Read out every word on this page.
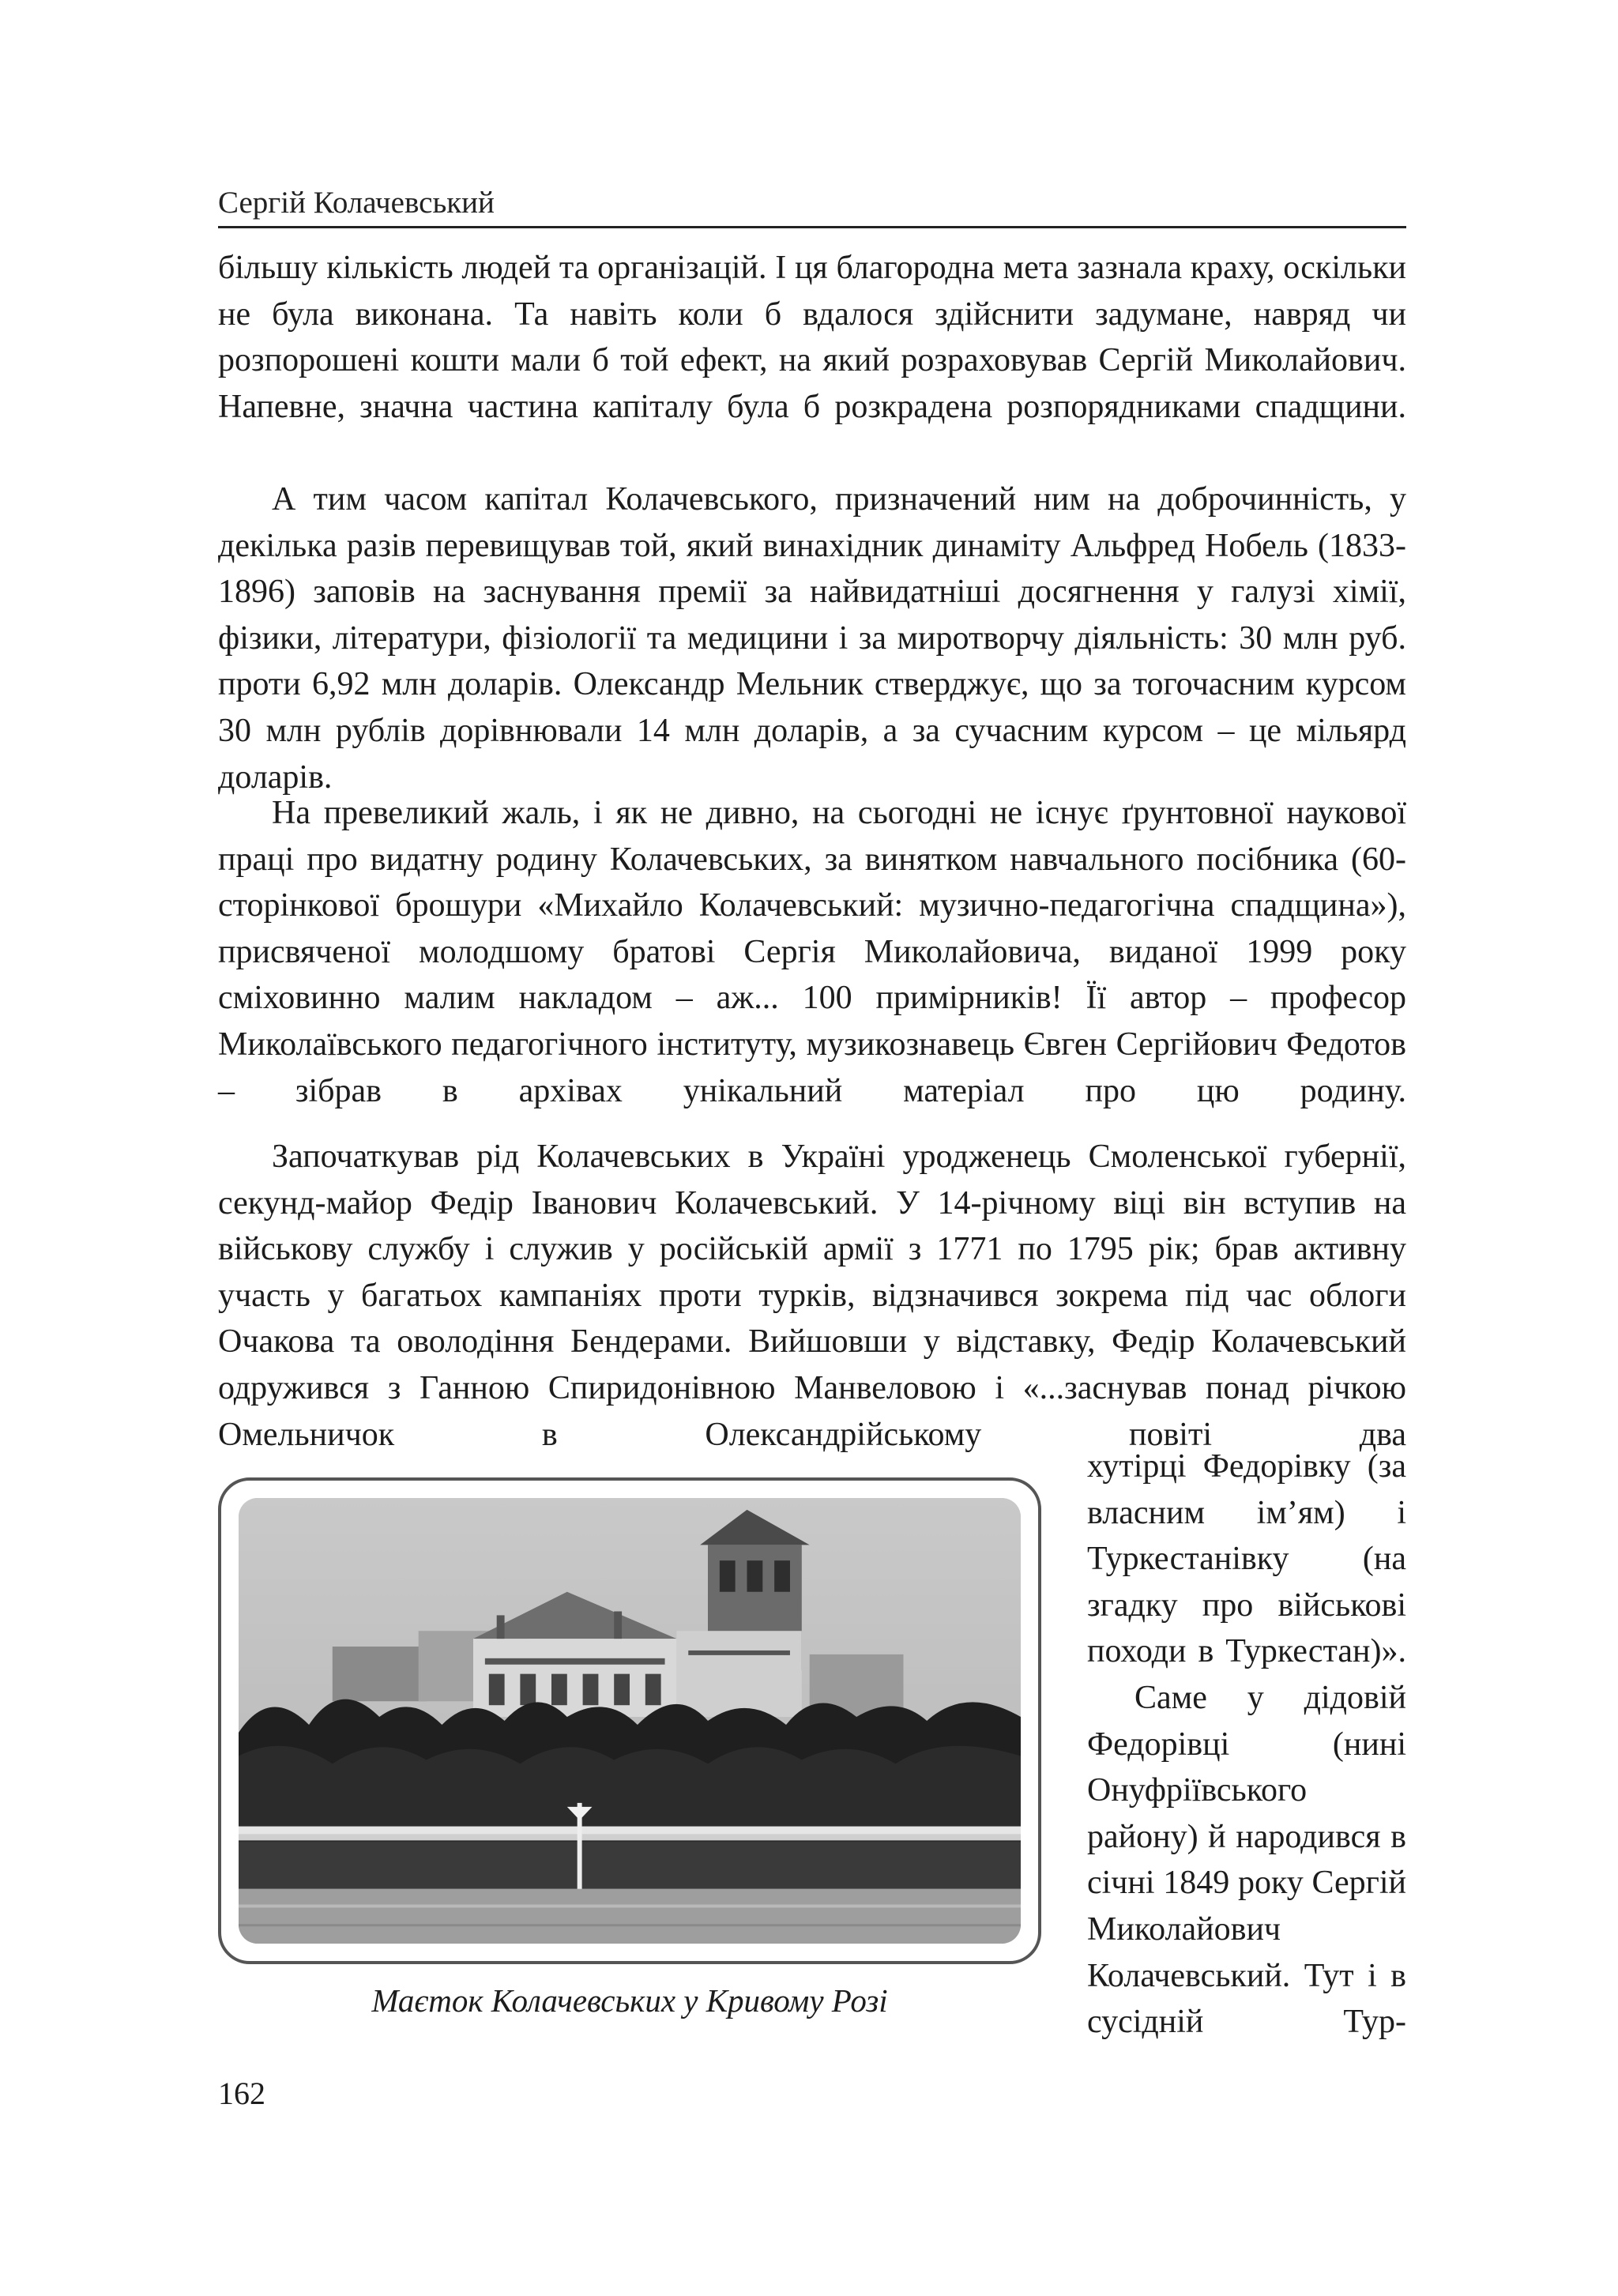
Сергій Колачевський
більшу кількість людей та організацій. І ця благородна мета зазнала краху, оскільки не була виконана. Та навіть коли б вдалося здійснити задумане, навряд чи розпорошені кошти мали б той ефект, на який розраховував Сергій Миколайович. Напевне, значна частина капіталу була б розкрадена розпорядниками спадщини.
А тим часом капітал Колачевського, призначений ним на доброчинність, у декілька разів перевищував той, який винахідник динаміту Альфред Нобель (1833-1896) заповів на заснування премії за найвидатніші досягнення у галузі хімії, фізики, літератури, фізіології та медицини і за миротворчу діяльність: 30 млн руб. проти 6,92 млн доларів. Олександр Мельник стверджує, що за тогочасним курсом 30 млн рублів дорівнювали 14 млн доларів, а за сучасним курсом – це мільярд доларів.
На превеликий жаль, і як не дивно, на сьогодні не існує ґрунтовної наукової праці про видатну родину Колачевських, за винятком навчального посібника (60-сторінкової брошури «Михайло Колачевський: музично-педагогічна спадщина»), присвяченої молодшому братові Сергія Миколайовича, виданої 1999 року сміховинно малим накладом – аж... 100 примірників! Її автор – професор Миколаївського педагогічного інституту, музикознавець Євген Сергійович Федотов – зібрав в архівах унікальний матеріал про цю родину.
Започаткував рід Колачевських в Україні уродженець Смоленської губернії, секунд-майор Федір Іванович Колачевський. У 14-річному віці він вступив на військову службу і служив у російській армії з 1771 по 1795 рік; брав активну участь у багатьох кампаніях проти турків, відзначився зокрема під час облоги Очакова та оволодіння Бендерами. Вийшовши у відставку, Федір Колачевський одружився з Ганною Спиридонівною Манвеловою і «...заснував понад річкою Омельничок в Олександрійському повіті два
хутірці Федорівку (за власним ім’ям) і Туркестанівку (на згадку про військові походи в Туркестан)».
Саме у дідовій Федорівці (нині Онуфріївського району) й народився в січні 1849 року Сергій Миколайович Колачевський. Тут і в сусідній Тур-
Маєток Колачевських у Кривому Розі
162
